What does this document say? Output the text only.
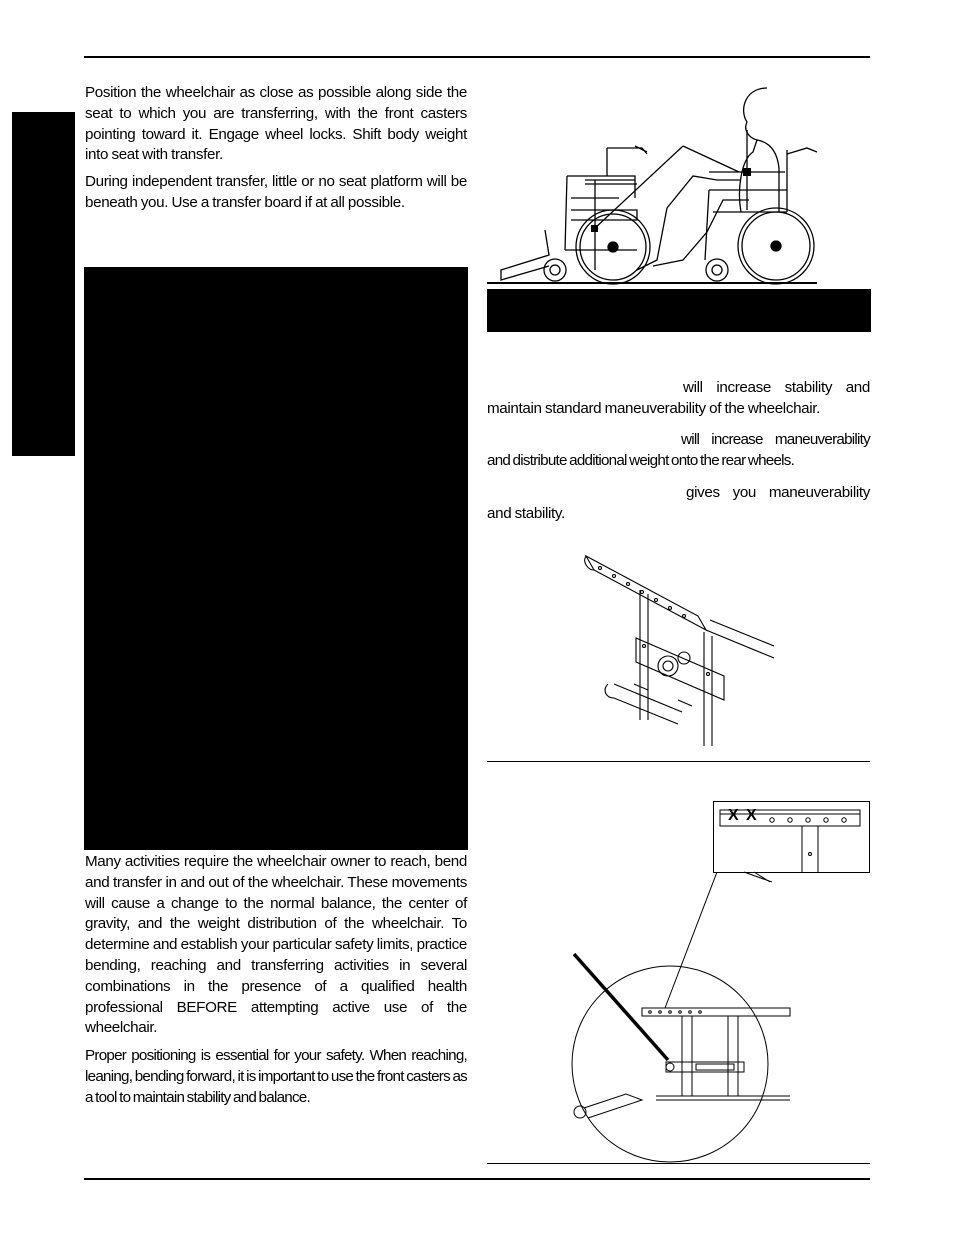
Position the wheelchair as close as possible along side the seat to which you are transferring, with the front casters pointing toward it. Engage wheel locks. Shift body weight into seat with transfer.

During independent transfer, little or no seat platform will be beneath you. Use a transfer board if at all possible.

Many activities require the wheelchair owner to reach, bend and transfer in and out of the wheelchair. These movements will cause a change to the normal balance, the center of gravity, and the weight distribution of the wheelchair. To determine and establish your particular safety limits, practice bending, reaching and transferring activities in several combinations in the presence of a qualified health professional BEFORE attempting active use of the wheelchair.

Proper positioning is essential for your safety. When reaching, leaning, bending forward, it is important to use the front casters as a tool to maintain stability and balance.

will increase stability and maintain standard maneuverability of the wheelchair.

will increase maneuverability and distribute additional weight onto the rear wheels.

gives you maneuverability and stability.

X X
